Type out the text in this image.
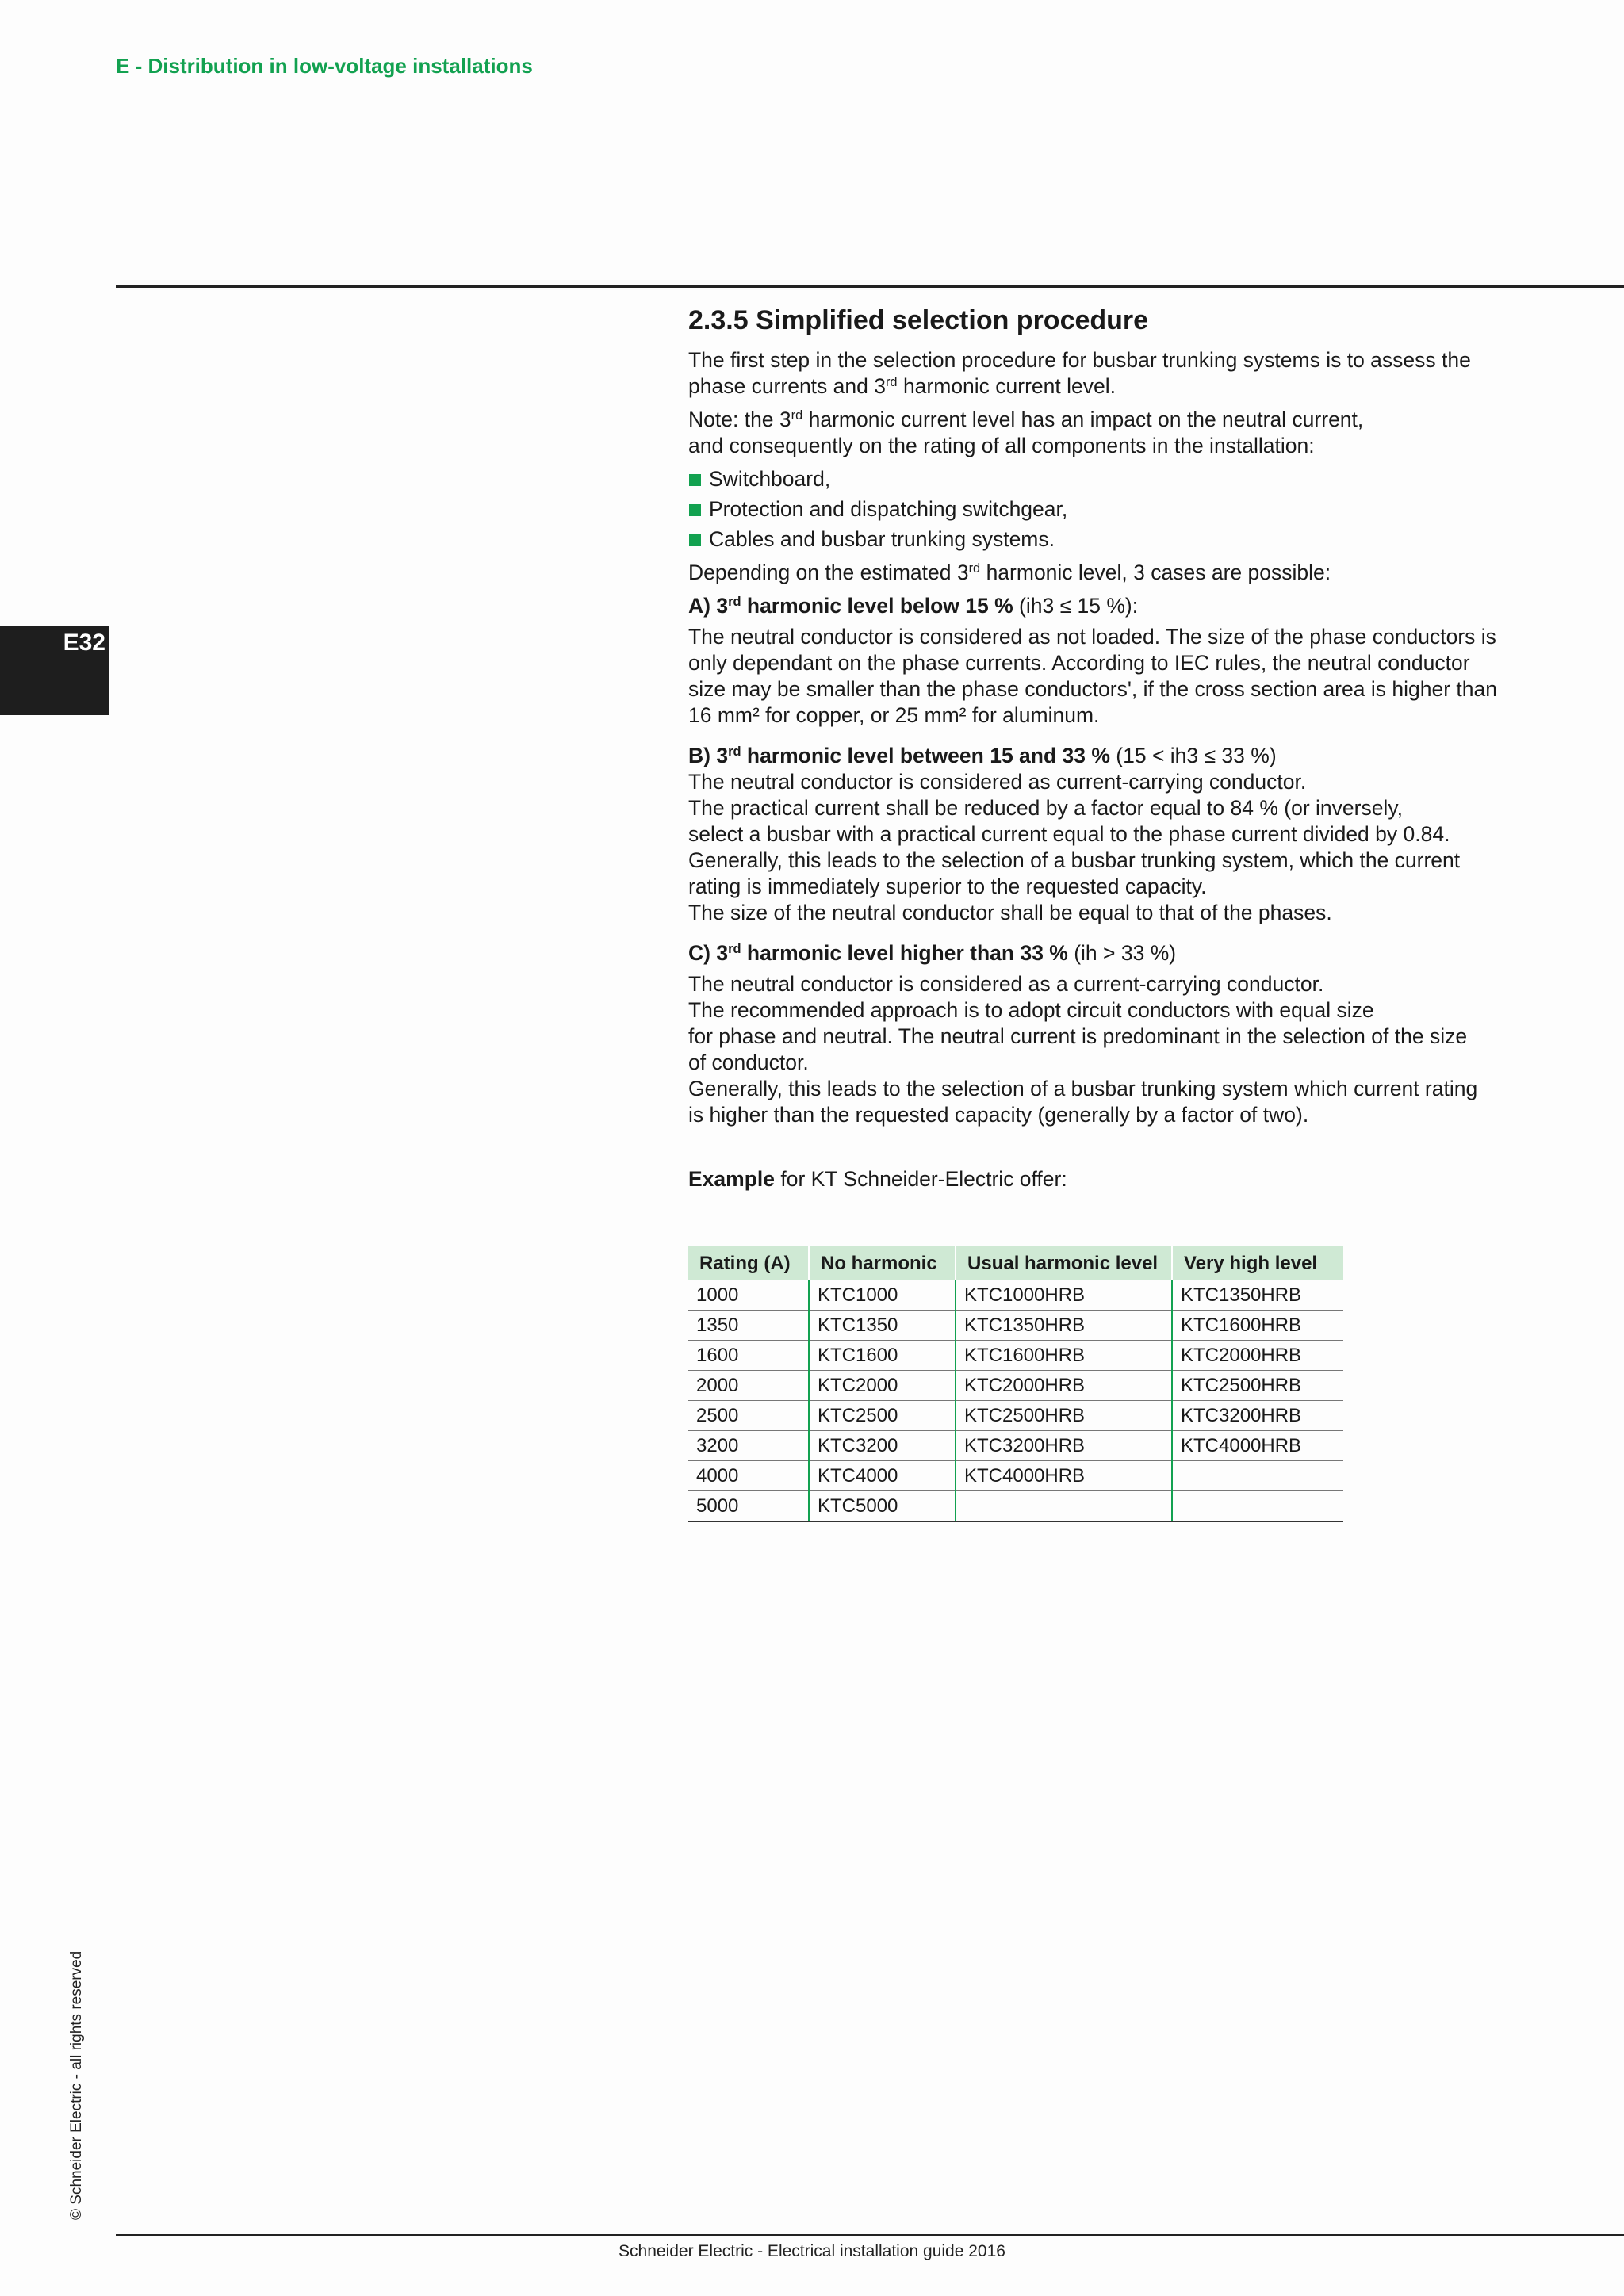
E - Distribution in low-voltage installations
E32
© Schneider Electric - all rights reserved
2.3.5 Simplified selection procedure

The first step in the selection procedure for busbar trunking systems is to assess the phase currents and 3rd harmonic current level.

Note: the 3rd harmonic current level has an impact on the neutral current,
and consequently on the rating of all components in the installation:

Switchboard,
Protection and dispatching switchgear,
Cables and busbar trunking systems.

Depending on the estimated 3rd harmonic level, 3 cases are possible:

A) 3rd harmonic level below 15 % (ih3 ≤ 15 %):

The neutral conductor is considered as not loaded. The size of the phase conductors is only dependant on the phase currents. According to IEC rules, the neutral conductor size may be smaller than the phase conductors', if the cross section area is higher than 16 mm² for copper, or 25 mm² for aluminum.

B) 3rd harmonic level between 15 and 33 % (15 < ih3 ≤ 33 %)

The neutral conductor is considered as current-carrying conductor.
The practical current shall be reduced by a factor equal to 84 % (or inversely,
select a busbar with a practical current equal to the phase current divided by 0.84.
Generally, this leads to the selection of a busbar trunking system, which the current
rating is immediately superior to the requested capacity.
The size of the neutral conductor shall be equal to that of the phases.

C) 3rd harmonic level higher than 33 % (ih > 33 %)

The neutral conductor is considered as a current-carrying conductor.
The recommended approach is to adopt circuit conductors with equal size
for phase and neutral. The neutral current is predominant in the selection of the size
of conductor.
Generally, this leads to the selection of a busbar trunking system which current rating
is higher than the requested capacity (generally by a factor of two).

Example for KT Schneider-Electric offer:

Rating (A)	No harmonic	Usual harmonic level	Very high level
1000	KTC1000	KTC1000HRB	KTC1350HRB
1350	KTC1350	KTC1350HRB	KTC1600HRB
1600	KTC1600	KTC1600HRB	KTC2000HRB
2000	KTC2000	KTC2000HRB	KTC2500HRB
2500	KTC2500	KTC2500HRB	KTC3200HRB
3200	KTC3200	KTC3200HRB	KTC4000HRB
4000	KTC4000	KTC4000HRB	
5000	KTC5000		
Schneider Electric - Electrical installation guide 2016
